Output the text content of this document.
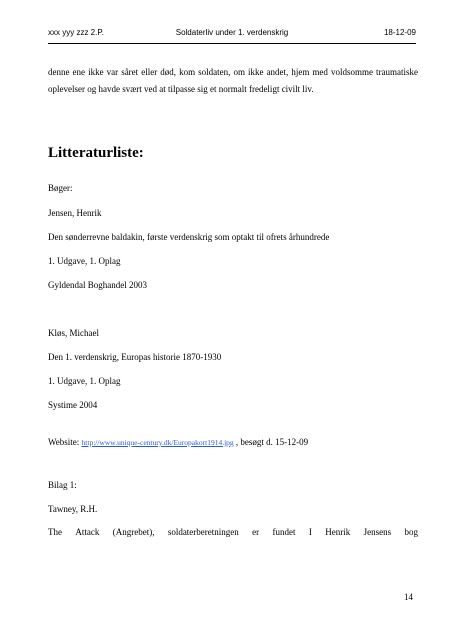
xxx yyy zzz 2.P.	Soldaterliv under 1. verdenskrig	18-12-09

denne ene ikke var såret eller død, kom soldaten, om ikke andet, hjem med voldsomme traumatiske oplevelser og havde svært ved at tilpasse sig et normalt fredeligt civilt liv.

Litteraturliste:

Bøger:

Jensen, Henrik

Den sønderrevne baldakin, første verdenskrig som optakt til ofrets århundrede

1. Udgave, 1. Oplag

Gyldendal Boghandel 2003

Kløs, Michael

Den 1. verdenskrig, Europas historie 1870-1930

1. Udgave, 1. Oplag

Systime 2004

Website: http://www.unique-century.dk/Europakort1914.jpg , besøgt d. 15-12-09

Bilag 1:

Tawney, R.H.

The Attack (Angrebet), soldaterberetningen er fundet I Henrik Jensens bog
14
